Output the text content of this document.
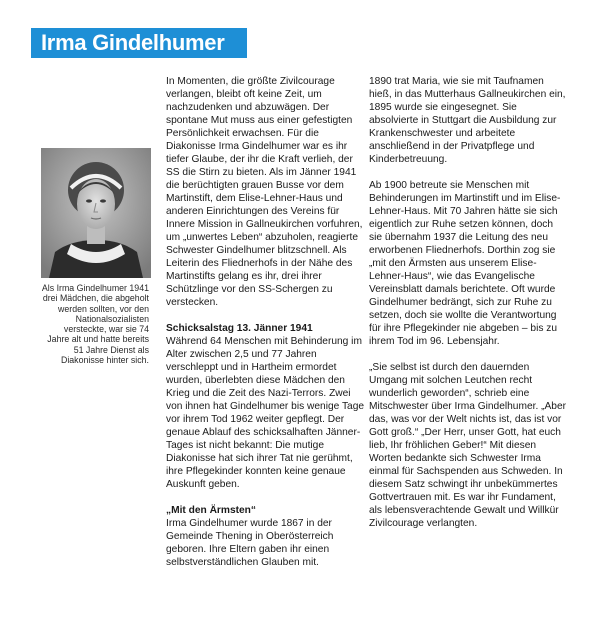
Irma Gindelhumer
Als Irma Gindelhumer 1941 drei Mädchen, die abgeholt werden sollten, vor den Nationalsozialisten versteckte, war sie 74 Jahre alt und hatte bereits 51 Jahre Dienst als Diakonisse hinter sich.

In Momenten, die größte Zivilcourage verlangen, bleibt oft keine Zeit, um nachzudenken und abzuwägen. Der spontane Mut muss aus einer gefestigten Persönlichkeit erwachsen. Für die Diakonisse Irma Gindelhumer war es ihr tiefer Glaube, der ihr die Kraft verlieh, der SS die Stirn zu bieten. Als im Jänner 1941 die berüchtigten grauen Busse vor dem Martinstift, dem Elise-Lehner-Haus und anderen Einrichtungen des Vereins für Innere Mission in Gallneukirchen vorfuhren, um „unwertes Leben“ abzuholen, reagierte Schwester Gindelhumer blitzschnell. Als Leiterin des Fliednerhofs in der Nähe des Martinstifts gelang es ihr, drei ihrer Schützlinge vor den SS-Schergen zu verstecken.

Schicksalstag 13. Jänner 1941

Während 64 Menschen mit Behinderung im Alter zwischen 2,5 und 77 Jahren verschleppt und in Hartheim ermordet wurden, überlebten diese Mädchen den Krieg und die Zeit des Nazi-Terrors. Zwei von ihnen hat Gindelhumer bis wenige Tage vor ihrem Tod 1962 weiter gepflegt. Der genaue Ablauf des schicksalhaften Jänner-Tages ist nicht bekannt: Die mutige Diakonisse hat sich ihrer Tat nie gerühmt, ihre Pflegekinder konnten keine genaue Auskunft geben.

„Mit den Ärmsten“

Irma Gindelhumer wurde 1867 in der Gemeinde Thening in Oberösterreich geboren. Ihre Eltern gaben ihr einen selbstverständlichen Glauben mit.

1890 trat Maria, wie sie mit Taufnamen hieß, in das Mutterhaus Gallneukirchen ein, 1895 wurde sie eingesegnet. Sie absolvierte in Stuttgart die Ausbildung zur Krankenschwester und arbeitete anschließend in der Privatpflege und Kinderbetreuung.

Ab 1900 betreute sie Menschen mit Behinderungen im Martinstift und im Elise-Lehner-Haus. Mit 70 Jahren hätte sie sich eigentlich zur Ruhe setzen können, doch sie übernahm 1937 die Leitung des neu erworbenen Fliednerhofs. Dorthin zog sie „mit den Ärmsten aus unserem Elise-Lehner-Haus“, wie das Evangelische Vereinsblatt damals berichtete. Oft wurde Gindelhumer bedrängt, sich zur Ruhe zu setzen, doch sie wollte die Verantwortung für ihre Pflegekinder nie abgeben – bis zu ihrem Tod im 96. Lebensjahr.

„Sie selbst ist durch den dauernden Umgang mit solchen Leutchen recht wunderlich geworden“, schrieb eine Mitschwester über Irma Gindelhumer. „Aber das, was vor der Welt nichts ist, das ist vor Gott groß.“ „Der Herr, unser Gott, hat euch lieb, Ihr fröhlichen Geber!“ Mit diesen Worten bedankte sich Schwester Irma einmal für Sachspenden aus Schweden. In diesem Satz schwingt ihr unbekümmertes Gottvertrauen mit. Es war ihr Fundament, als lebensverachtende Gewalt und Willkür Zivilcourage verlangten.
